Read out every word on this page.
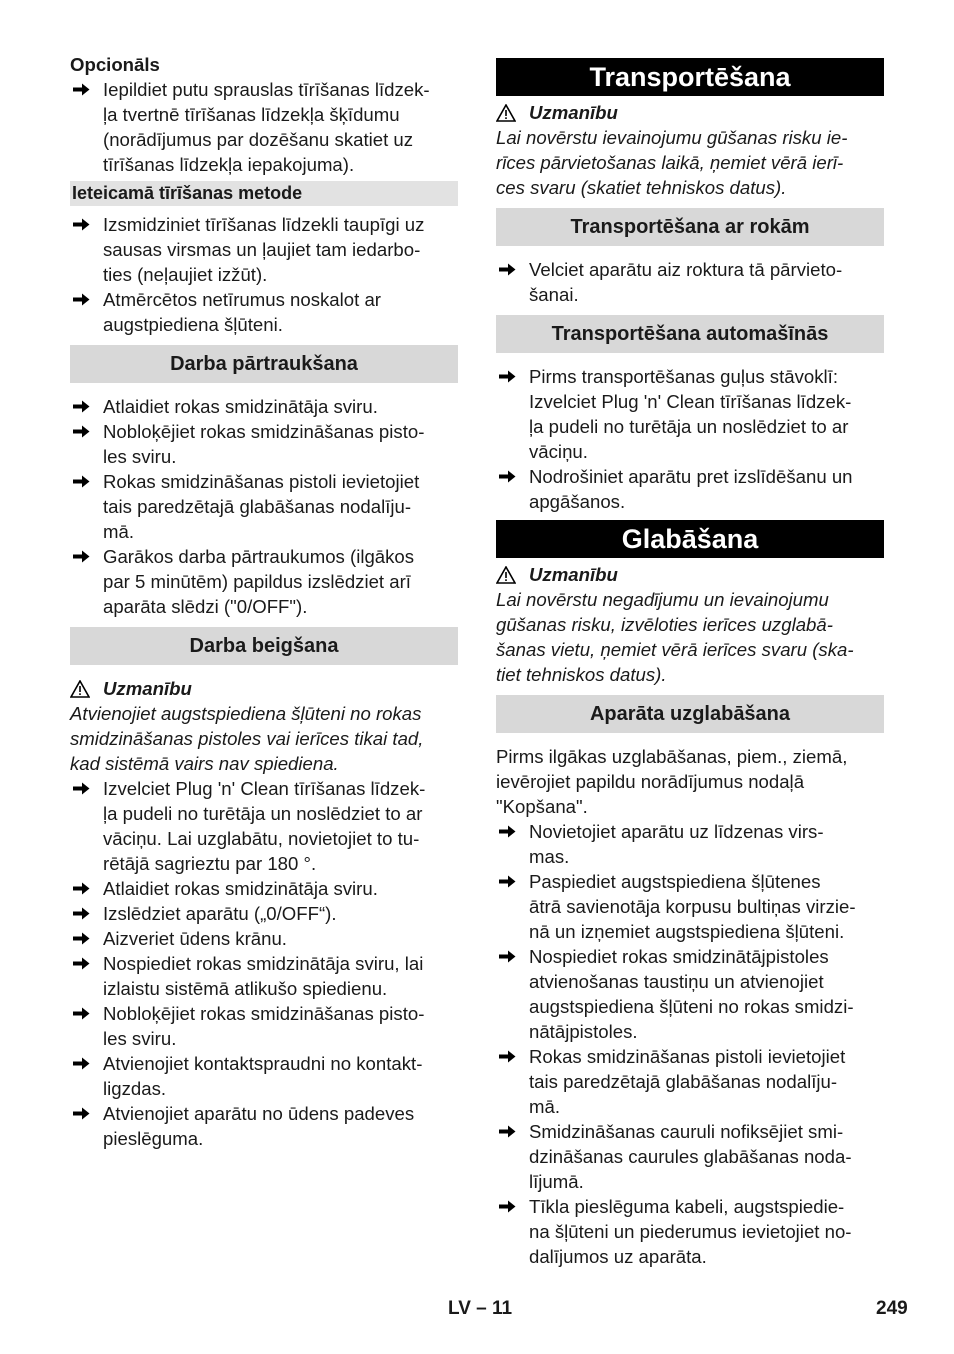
Opcionāls
Iepildiet putu sprauslas tīrīšanas līdzek-
ļa tvertnē tīrīšanas līdzekļa šķīdumu
(norādījumus par dozēšanu skatiet uz
tīrīšanas līdzekļa iepakojuma).
Ieteicamā tīrīšanas metode
Izsmidziniet tīrīšanas līdzekli taupīgi uz
sausas virsmas un ļaujiet tam iedarbo-
ties (neļaujiet izžūt).
Atmērcētos netīrumus noskalot ar
augstpiediena šļūteni.
Darba pārtraukšana
Atlaidiet rokas smidzinātāja sviru.
Nobloķējiet rokas smidzināšanas pisto-
les sviru.
Rokas smidzināšanas pistoli ievietojiet
tais paredzētajā glabāšanas nodalīju-
mā.
Garākos darba pārtraukumos (ilgākos
par 5 minūtēm) papildus izslēdziet arī
aparāta slēdzi ("0/OFF").
Darba beigšana
Uzmanību
Atvienojiet augstspiediena šļūteni no rokas
smidzināšanas pistoles vai ierīces tikai tad,
kad sistēmā vairs nav spiediena.
Izvelciet Plug 'n' Clean tīrīšanas līdzek-
ļa pudeli no turētāja un noslēdziet to ar
vāciņu. Lai uzglabātu, novietojiet to tu-
rētājā sagrieztu par 180 °.
Atlaidiet rokas smidzinātāja sviru.
Izslēdziet aparātu („0/OFF“).
Aizveriet ūdens krānu.
Nospiediet rokas smidzinātāja sviru, lai
izlaistu sistēmā atlikušo spiedienu.
Nobloķējiet rokas smidzināšanas pisto-
les sviru.
Atvienojiet kontaktspraudni no kontakt-
ligzdas.
Atvienojiet aparātu no ūdens padeves
pieslēguma.
Transportēšana
Uzmanību
Lai novērstu ievainojumu gūšanas risku ie-
rīces pārvietošanas laikā, ņemiet vērā ierī-
ces svaru (skatiet tehniskos datus).
Transportēšana ar rokām
Velciet aparātu aiz roktura tā pārvieto-
šanai.
Transportēšana automašīnās
Pirms transportēšanas guļus stāvoklī:
Izvelciet Plug 'n' Clean tīrīšanas līdzek-
ļa pudeli no turētāja un noslēdziet to ar
vāciņu.
Nodrošiniet aparātu pret izslīdēšanu un
apgāšanos.
Glabāšana
Uzmanību
Lai novērstu negadījumu un ievainojumu
gūšanas risku, izvēloties ierīces uzglabā-
šanas vietu, ņemiet vērā ierīces svaru (ska-
tiet tehniskos datus).
Aparāta uzglabāšana
Pirms ilgākas uzglabāšanas, piem., ziemā,
ievērojiet papildu norādījumus nodaļā
"Kopšana".
Novietojiet aparātu uz līdzenas virs-
mas.
Paspiediet augstspiediena šļūtenes
ātrā savienotāja korpusu bultiņas virzie-
nā un izņemiet augstspiediena šļūteni.
Nospiediet rokas smidzinātājpistoles
atvienošanas taustiņu un atvienojiet
augstspiediena šļūteni no rokas smidzi-
nātājpistoles.
Rokas smidzināšanas pistoli ievietojiet
tais paredzētajā glabāšanas nodalīju-
mā.
Smidzināšanas cauruli nofiksējiet smi-
dzināšanas caurules glabāšanas noda-
lījumā.
Tīkla pieslēguma kabeli, augstspiedie-
na šļūteni un piederumus ievietojiet no-
dalījumos uz aparāta.
LV – 11	249
